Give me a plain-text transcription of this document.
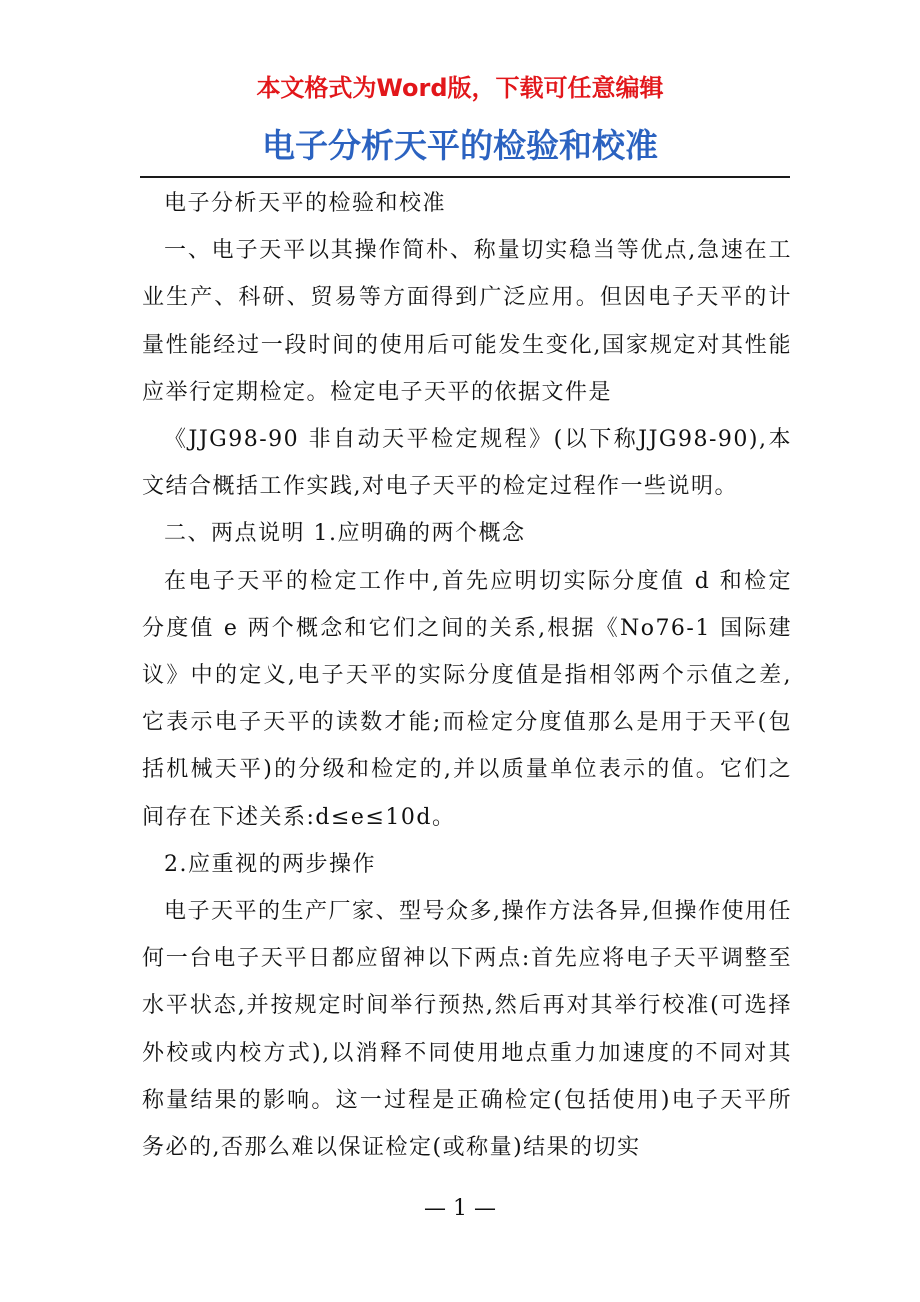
本文格式为Word版，下载可任意编辑
电子分析天平的检验和校准

电子分析天平的检验和校准

一、电子天平以其操作简朴、称量切实稳当等优点,急速在工业生产、科研、贸易等方面得到广泛应用。但因电子天平的计量性能经过一段时间的使用后可能发生变化,国家规定对其性能应举行定期检定。检定电子天平的依据文件是

《JJG98-90 非自动天平检定规程》(以下称JJG98-90),本文结合概括工作实践,对电子天平的检定过程作一些说明。

二、两点说明 1.应明确的两个概念

在电子天平的检定工作中,首先应明切实际分度值 d 和检定分度值 e 两个概念和它们之间的关系,根据《No76-1 国际建议》中的定义,电子天平的实际分度值是指相邻两个示值之差,它表示电子天平的读数才能;而检定分度值那么是用于天平(包括机械天平)的分级和检定的,并以质量单位表示的值。它们之间存在下述关系:d≤e≤10d。

2.应重视的两步操作

电子天平的生产厂家、型号众多,操作方法各异,但操作使用任何一台电子天平日都应留神以下两点:首先应将电子天平调整至水平状态,并按规定时间举行预热,然后再对其举行校准(可选择外校或内校方式),以消释不同使用地点重力加速度的不同对其称量结果的影响。这一过程是正确检定(包括使用)电子天平所务必的,否那么难以保证检定(或称量)结果的切实

— 1 —
